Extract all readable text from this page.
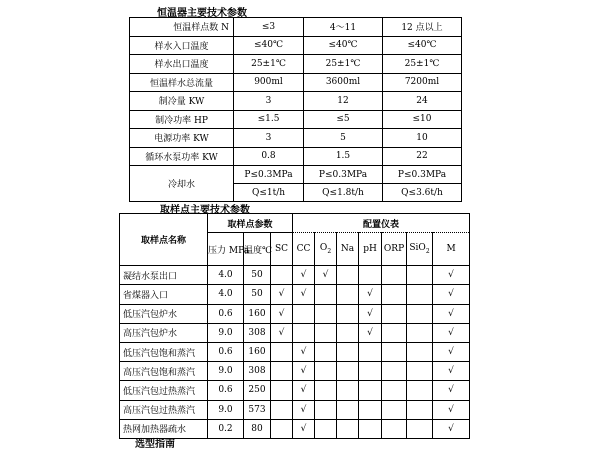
恒温器主要技术参数
恒温样点数 N	≤3	4～11	12 点以上
样水入口温度	≤40℃	≤40℃	≤40℃
样水出口温度	25±1℃	25±1℃	25±1℃
恒温样水总流量	900ml	3600ml	7200ml
制冷量 KW	3	12	24
制冷功率 HP	≤1.5	≤5	≤10
电源功率 KW	3	5	10
循环水泵功率 KW	0.8	1.5	22
冷却水	P≤0.3MPa	P≤0.3MPa	P≤0.3MPa
	Q≤1t/h	Q≤1.8t/h	Q≤3.6t/h
取样点主要技术参数
取样点名称	取样点参数			配置仪表						
	压力 MPa	温度℃	SC	CC	$O_2$	Na	pH	ORP	SiO$_2$	M
凝结水泵出口	4.0	50		√	√					√
省煤器入口	4.0	50	√	√			√			√
低压汽包炉水	0.6	160	√				√			√
高压汽包炉水	9.0	308	√				√			√
低压汽包饱和蒸汽	0.6	160		√						√
高压汽包饱和蒸汽	9.0	308		√						√
低压汽包过热蒸汽	0.6	250		√						√
高压汽包过热蒸汽	9.0	573		√						√
热网加热器疏水	0.2	80		√						√
选型指南
